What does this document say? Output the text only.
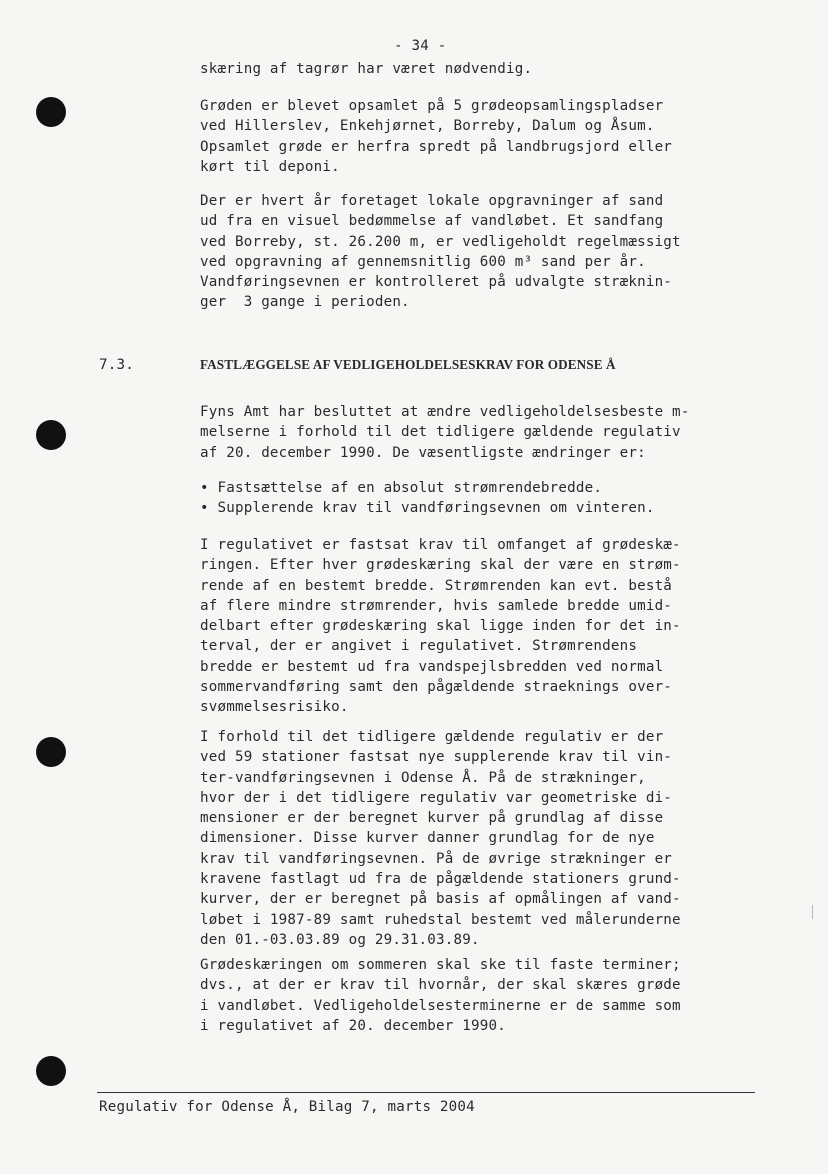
- 34 -
skæring af tagrør har været nødvendig.
Grøden er blevet opsamlet på 5 grødeopsamlingspladser
ved Hillerslev, Enkehjørnet, Borreby, Dalum og Åsum.
Opsamlet grøde er herfra spredt på landbrugsjord eller
kørt til deponi.
Der er hvert år foretaget lokale opgravninger af sand
ud fra en visuel bedømmelse af vandløbet. Et sandfang
ved Borreby, st. 26.200 m, er vedligeholdt regelmæssigt
ved opgravning af gennemsnitlig 600 m³ sand per år.
Vandføringsevnen er kontrolleret på udvalgte stræknin-
ger  3 gange i perioden.
7.3.	FASTLÆGGELSE AF VEDLIGEHOLDELSESKRAV FOR ODENSE Å
Fyns Amt har besluttet at ændre vedligeholdelsesbeste m-
melserne i forhold til det tidligere gældende regulativ
af 20. december 1990. De væsentligste ændringer er:
• Fastsættelse af en absolut strømrendebredde.
• Supplerende krav til vandføringsevnen om vinteren.
I regulativet er fastsat krav til omfanget af grødeskæ-
ringen. Efter hver grødeskæring skal der være en strøm-
rende af en bestemt bredde. Strømrenden kan evt. bestå
af flere mindre strømrender, hvis samlede bredde umid-
delbart efter grødeskæring skal ligge inden for det in-
terval, der er angivet i regulativet. Strømrendens
bredde er bestemt ud fra vandspejlsbredden ved normal
sommervandføring samt den pågældende straeknings over-
svømmelsesrisiko.
I forhold til det tidligere gældende regulativ er der
ved 59 stationer fastsat nye supplerende krav til vin-
ter-vandføringsevnen i Odense Å. På de strækninger,
hvor der i det tidligere regulativ var geometriske di-
mensioner er der beregnet kurver på grundlag af disse
dimensioner. Disse kurver danner grundlag for de nye
krav til vandføringsevnen. På de øvrige strækninger er
kravene fastlagt ud fra de pågældende stationers grund-
kurver, der er beregnet på basis af opmålingen af vand-
løbet i 1987-89 samt ruhedstal bestemt ved målerunderne
den 01.-03.03.89 og 29.31.03.89.
Grødeskæringen om sommeren skal ske til faste terminer;
dvs., at der er krav til hvornår, der skal skæres grøde
i vandløbet. Vedligeholdelsesterminerne er de samme som
i regulativet af 20. december 1990.
Regulativ for Odense Å, Bilag 7, marts 2004
